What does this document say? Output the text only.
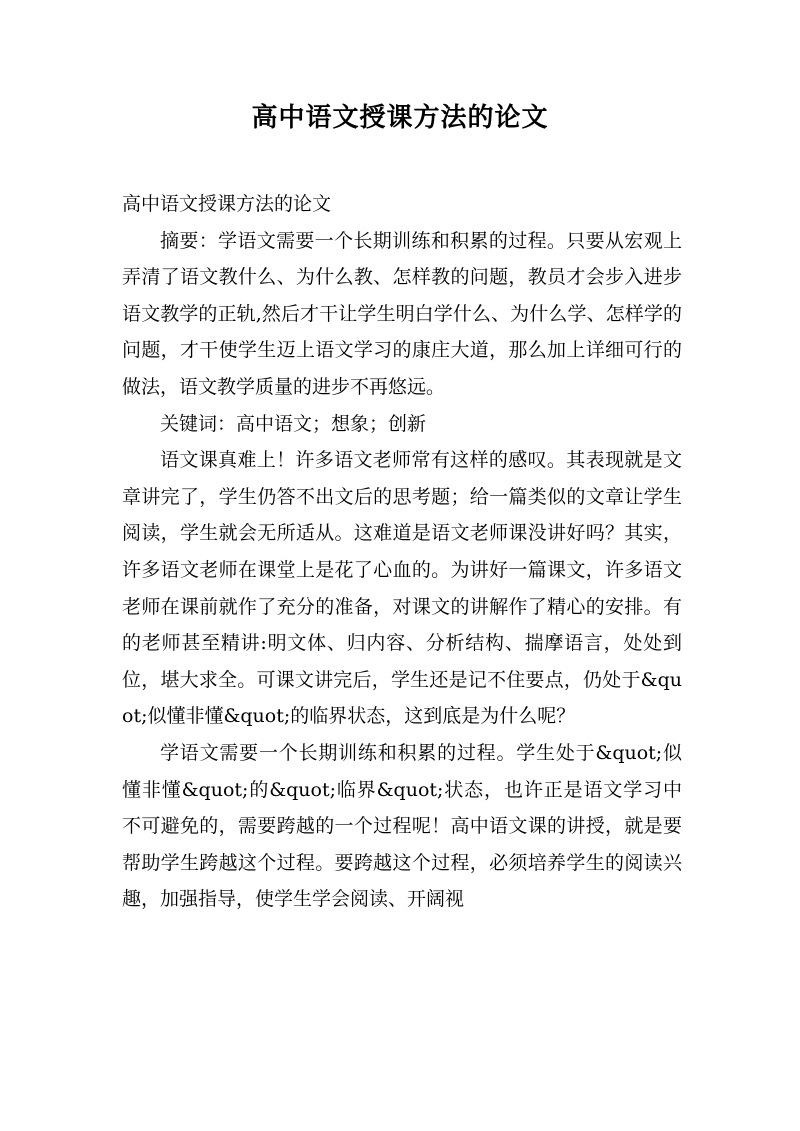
高中语文授课方法的论文

高中语文授课方法的论文

摘要：学语文需要一个长期训练和积累的过程。只要从宏观上弄清了语文教什么、为什么教、怎样教的问题，教员才会步入进步语文教学的正轨,然后才干让学生明白学什么、为什么学、怎样学的问题，才干使学生迈上语文学习的康庄大道，那么加上详细可行的做法，语文教学质量的进步不再悠远。

关键词：高中语文；想象；创新

语文课真难上！许多语文老师常有这样的感叹。其表现就是文章讲完了，学生仍答不出文后的思考题；给一篇类似的文章让学生阅读，学生就会无所适从。这难道是语文老师课没讲好吗？其实，许多语文老师在课堂上是花了心血的。为讲好一篇课文，许多语文老师在课前就作了充分的准备，对课文的讲解作了精心的安排。有的老师甚至精讲:明文体、归内容、分析结构、揣摩语言，处处到位，堪大求全。可课文讲完后，学生还是记不住要点，仍处于&quot;似懂非懂&quot;的临界状态，这到底是为什么呢？

学语文需要一个长期训练和积累的过程。学生处于&quot;似懂非懂&quot;的&quot;临界&quot;状态，也许正是语文学习中不可避免的，需要跨越的一个过程呢！高中语文课的讲授，就是要帮助学生跨越这个过程。要跨越这个过程，必须培养学生的阅读兴趣，加强指导，使学生学会阅读、开阔视
